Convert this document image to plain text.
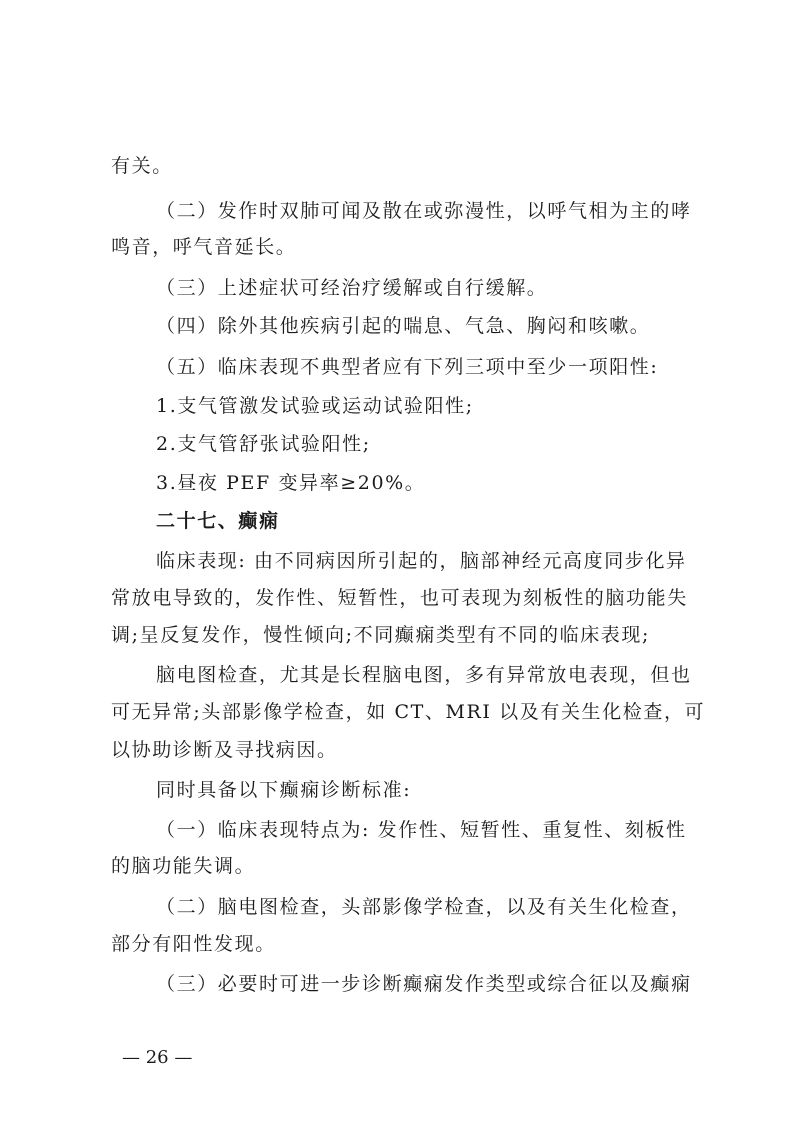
有关。
（二）发作时双肺可闻及散在或弥漫性，以呼气相为主的哮
鸣音，呼气音延长。
（三）上述症状可经治疗缓解或自行缓解。
（四）除外其他疾病引起的喘息、气急、胸闷和咳嗽。
（五）临床表现不典型者应有下列三项中至少一项阳性:
1.支气管激发试验或运动试验阳性;
2.支气管舒张试验阳性;
3.昼夜 PEF 变异率≥20%。
二十七、癫痫
临床表现: 由不同病因所引起的，脑部神经元高度同步化异
常放电导致的，发作性、短暂性，也可表现为刻板性的脑功能失
调;呈反复发作，慢性倾向;不同癫痫类型有不同的临床表现;
脑电图检查，尤其是长程脑电图，多有异常放电表现，但也
可无异常;头部影像学检查，如 CT、MRI 以及有关生化检查，可
以协助诊断及寻找病因。
同时具备以下癫痫诊断标准:
（一）临床表现特点为: 发作性、短暂性、重复性、刻板性
的脑功能失调。
（二）脑电图检查，头部影像学检查，以及有关生化检查，
部分有阳性发现。
（三）必要时可进一步诊断癫痫发作类型或综合征以及癫痫
— 26 —
